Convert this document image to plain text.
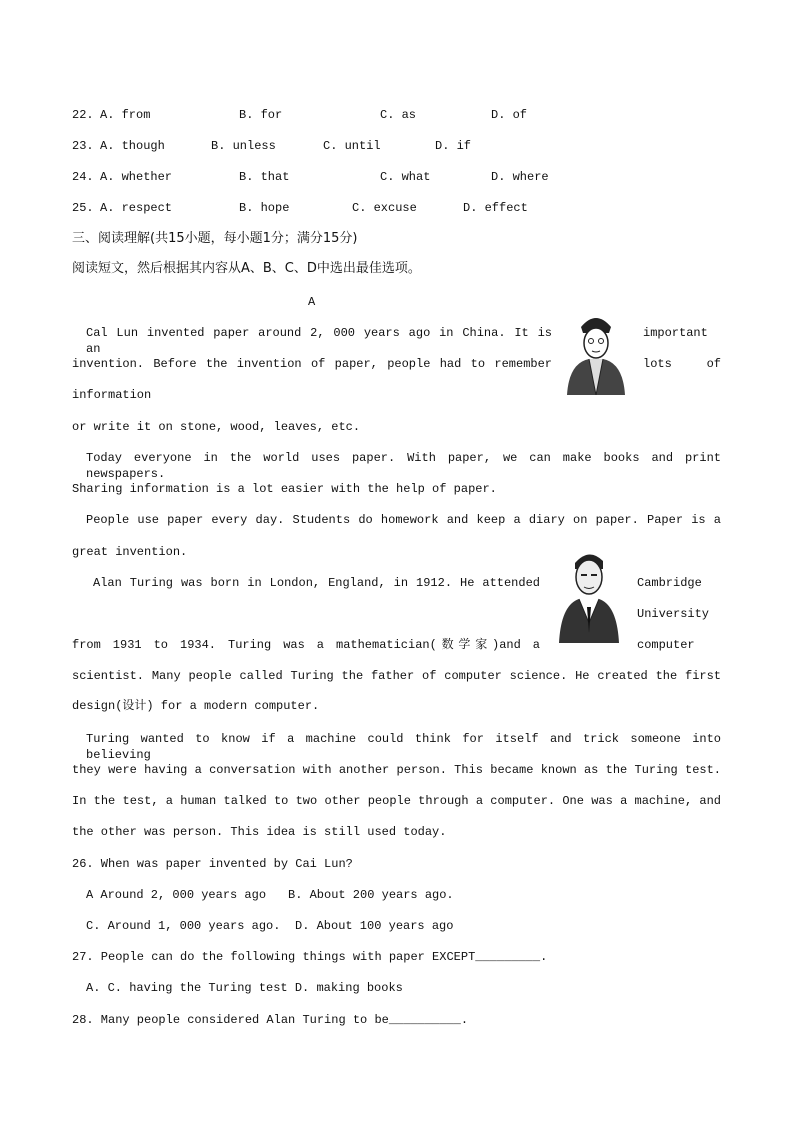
22. A. from	B. for	C. as	D. of
23. A. though	B. unless	C. until	D. if
24. A. whether	B. that	C. what	D. where
25. A. respect	B. hope	C. excuse	D. effect
三、阅读理解(共15小题，每小题1分；满分15分)
阅读短文，然后根据其内容从A、B、C、D中选出最佳选项。
A
Cal Lun invented paper around 2, 000 years ago in China. It is an
important
invention. Before the invention of paper, people had to remember	lots of
information
or write it on stone, wood, leaves, etc.
Today everyone in the world uses paper. With paper, we can make books and print newspapers.
Sharing information is a lot easier with the help of paper.
People use paper every day. Students do homework and keep a diary on paper. Paper is a
great invention.
Alan Turing was born in London, England, in 1912. He attended	Cambridge
University
from 1931 to 1934. Turing was a mathematician(数学家)and a	computer
scientist. Many people called Turing the father of computer science. He created the first
design(设计) for a modern computer.
Turing wanted to know if a machine could think for itself and trick someone into believing
they were having a conversation with another person. This became known as the Turing test.
In the test, a human talked to two other people through a computer. One was a machine, and
the other was person. This idea is still used today.
26. When was paper invented by Cai Lun?
A Around 2, 000 years ago B. About 200 years ago.
C. Around 1, 000 years ago. D. About 100 years ago
27. People can do the following things with paper EXCEPT_________.
A. C. having the Turing test D. making books
28. Many people considered Alan Turing to be__________.
